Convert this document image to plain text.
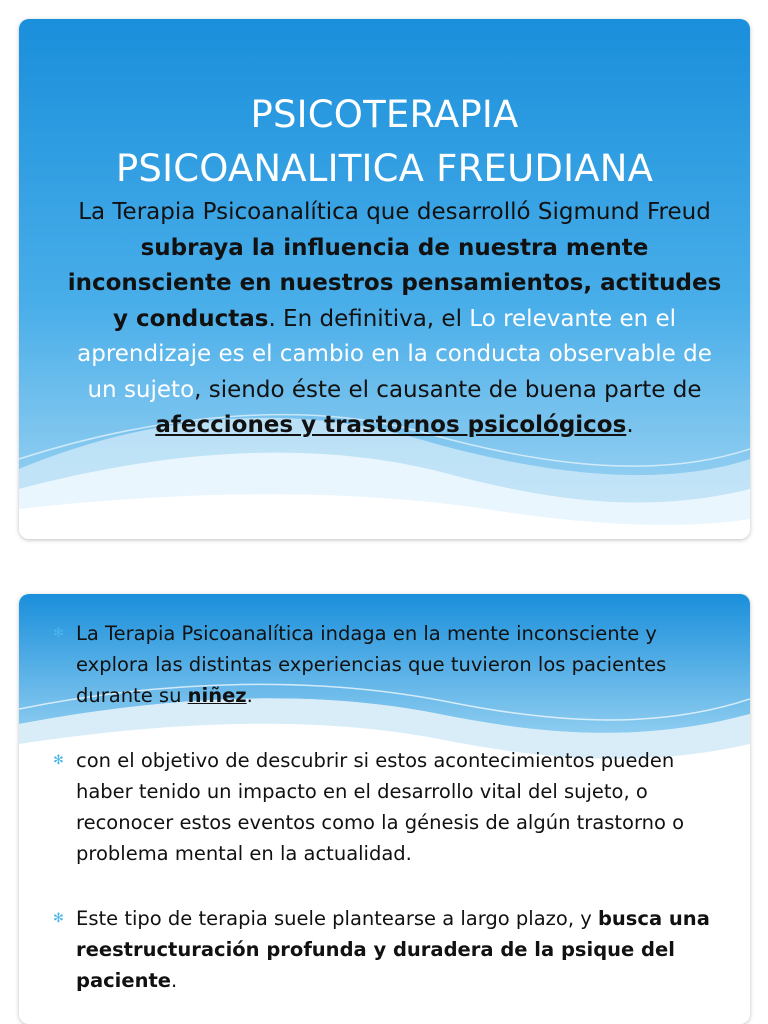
PSICOTERAPIA
PSICOANALITICA FREUDIANA
La Terapia Psicoanalítica que desarrolló Sigmund Freud subraya la influencia de nuestra mente inconsciente en nuestros pensamientos, actitudes y conductas. En definitiva, el Lo relevante en el aprendizaje es el cambio en la conducta observable de un sujeto, siendo éste el causante de buena parte de afecciones y trastornos psicológicos.
✻ La Terapia Psicoanalítica indaga en la mente inconsciente y explora las distintas experiencias que tuvieron los pacientes durante su niñez.
✻ con el objetivo de descubrir si estos acontecimientos pueden haber tenido un impacto en el desarrollo vital del sujeto, o reconocer estos eventos como la génesis de algún trastorno o problema mental en la actualidad.
✻ Este tipo de terapia suele plantearse a largo plazo, y busca una reestructuración profunda y duradera de la psique del paciente.
